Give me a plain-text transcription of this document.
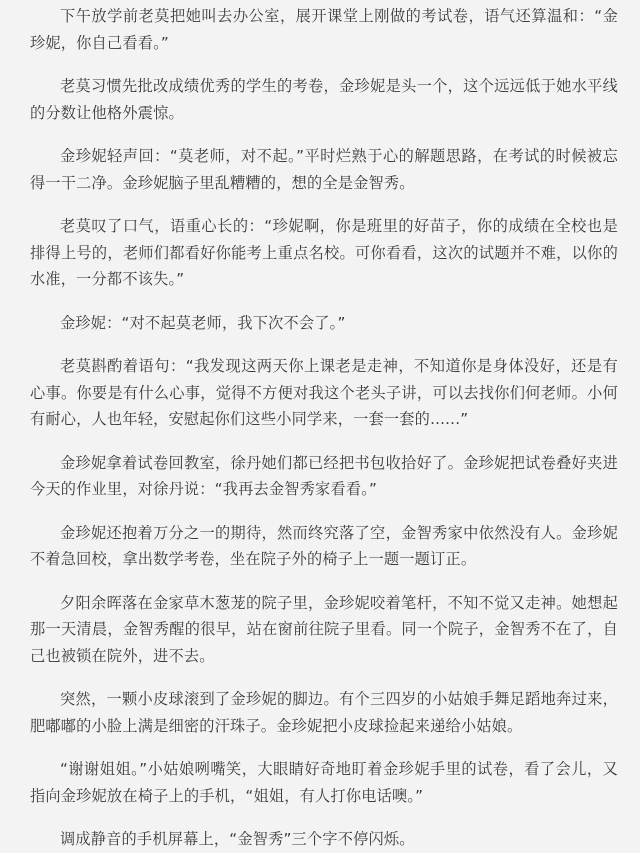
下午放学前老莫把她叫去办公室，展开课堂上刚做的考试卷，语气还算温和：“金珍妮，你自己看看。”

老莫习惯先批改成绩优秀的学生的考卷，金珍妮是头一个，这个远远低于她水平线的分数让他格外震惊。

金珍妮轻声回：“莫老师，对不起。”平时烂熟于心的解题思路，在考试的时候被忘得一干二净。金珍妮脑子里乱糟糟的，想的全是金智秀。

老莫叹了口气，语重心长的：“珍妮啊，你是班里的好苗子，你的成绩在全校也是排得上号的，老师们都看好你能考上重点名校。可你看看，这次的试题并不难，以你的水准，一分都不该失。”

金珍妮：“对不起莫老师，我下次不会了。”

老莫斟酌着语句：“我发现这两天你上课老是走神，不知道你是身体没好，还是有心事。你要是有什么心事，觉得不方便对我这个老头子讲，可以去找你们何老师。小何有耐心，人也年轻，安慰起你们这些小同学来，一套一套的......”

金珍妮拿着试卷回教室，徐丹她们都已经把书包收拾好了。金珍妮把试卷叠好夹进今天的作业里，对徐丹说：“我再去金智秀家看看。”

金珍妮还抱着万分之一的期待，然而终究落了空，金智秀家中依然没有人。金珍妮不着急回校，拿出数学考卷，坐在院子外的椅子上一题一题订正。

夕阳余晖落在金家草木葱茏的院子里，金珍妮咬着笔杆，不知不觉又走神。她想起那一天清晨，金智秀醒的很早，站在窗前往院子里看。同一个院子，金智秀不在了，自己也被锁在院外，进不去。

突然，一颗小皮球滚到了金珍妮的脚边。有个三四岁的小姑娘手舞足蹈地奔过来，肥嘟嘟的小脸上满是细密的汗珠子。金珍妮把小皮球捡起来递给小姑娘。

“谢谢姐姐。”小姑娘咧嘴笑，大眼睛好奇地盯着金珍妮手里的试卷，看了会儿，又指向金珍妮放在椅子上的手机，“姐姐，有人打你电话噢。”

调成静音的手机屏幕上，“金智秀”三个字不停闪烁。
